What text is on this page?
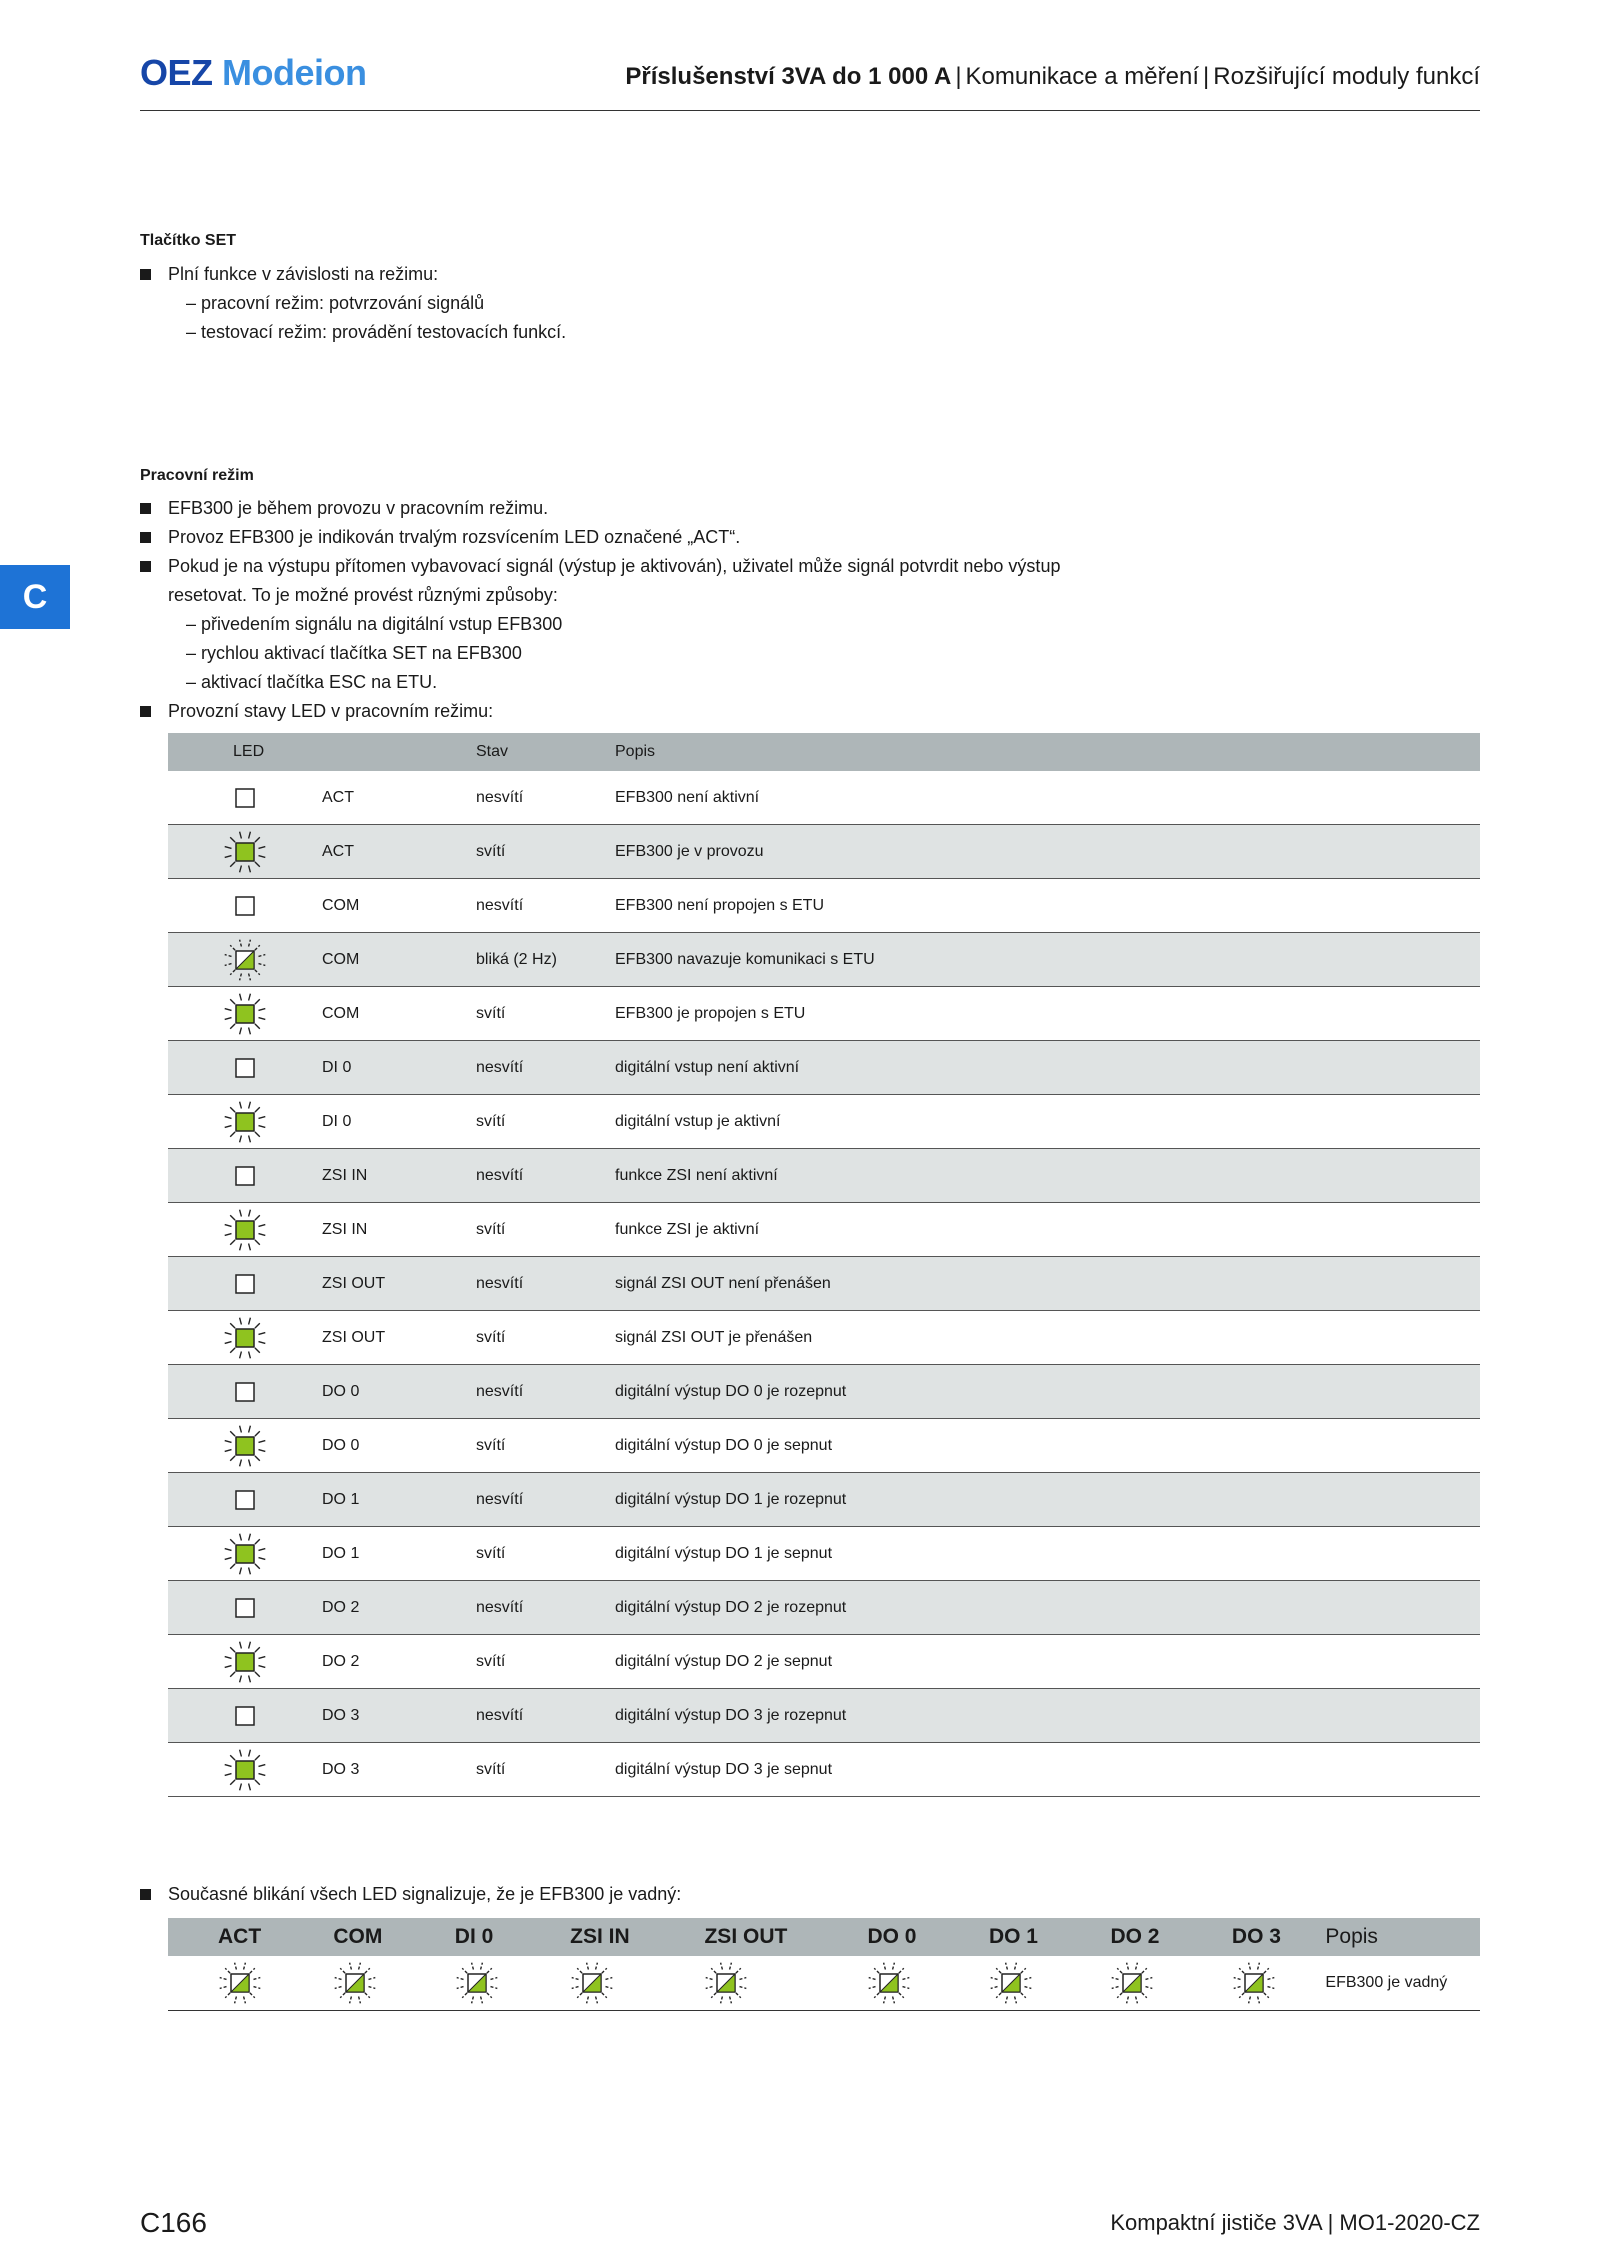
OEZ Modeion	Příslušenství 3VA do 1 000 A | Komunikace a měření | Rozšiřující moduly funkcí
C
Tlačítko SET
Plní funkce v závislosti na režimu:
– pracovní režim: potvrzování signálů
– testovací režim: provádění testovacích funkcí.
Pracovní režim
EFB300 je během provozu v pracovním režimu.
Provoz EFB300 je indikován trvalým rozsvícením LED označené „ACT“.
Pokud je na výstupu přítomen vybavovací signál (výstup je aktivován), uživatel může signál potvrdit nebo výstup
resetovat. To je možné provést různými způsoby:
– přivedením signálu na digitální vstup EFB300
– rychlou aktivací tlačítka SET na EFB300
– aktivací tlačítka ESC na ETU.
Provozní stavy LED v pracovním režimu:
LED		Stav	Popis
	ACT	nesvítí	EFB300 není aktivní
	ACT	svítí	EFB300 je v provozu
	COM	nesvítí	EFB300 není propojen s ETU
	COM	bliká (2 Hz)	EFB300 navazuje komunikaci s ETU
	COM	svítí	EFB300 je propojen s ETU
	DI 0	nesvítí	digitální vstup není aktivní
	DI 0	svítí	digitální vstup je aktivní
	ZSI IN	nesvítí	funkce ZSI není aktivní
	ZSI IN	svítí	funkce ZSI je aktivní
	ZSI OUT	nesvítí	signál ZSI OUT není přenášen
	ZSI OUT	svítí	signál ZSI OUT je přenášen
	DO 0	nesvítí	digitální výstup DO 0 je rozepnut
	DO 0	svítí	digitální výstup DO 0 je sepnut
	DO 1	nesvítí	digitální výstup DO 1 je rozepnut
	DO 1	svítí	digitální výstup DO 1 je sepnut
	DO 2	nesvítí	digitální výstup DO 2 je rozepnut
	DO 2	svítí	digitální výstup DO 2 je sepnut
	DO 3	nesvítí	digitální výstup DO 3 je rozepnut
	DO 3	svítí	digitální výstup DO 3 je sepnut
Současné blikání všech LED signalizuje, že je EFB300 je vadný:
ACT	COM	DI 0	ZSI IN	ZSI OUT	DO 0	DO 1	DO 2	DO 3	Popis
									EFB300 je vadný
C166	Kompaktní jističe 3VA | MO1-2020-CZ
